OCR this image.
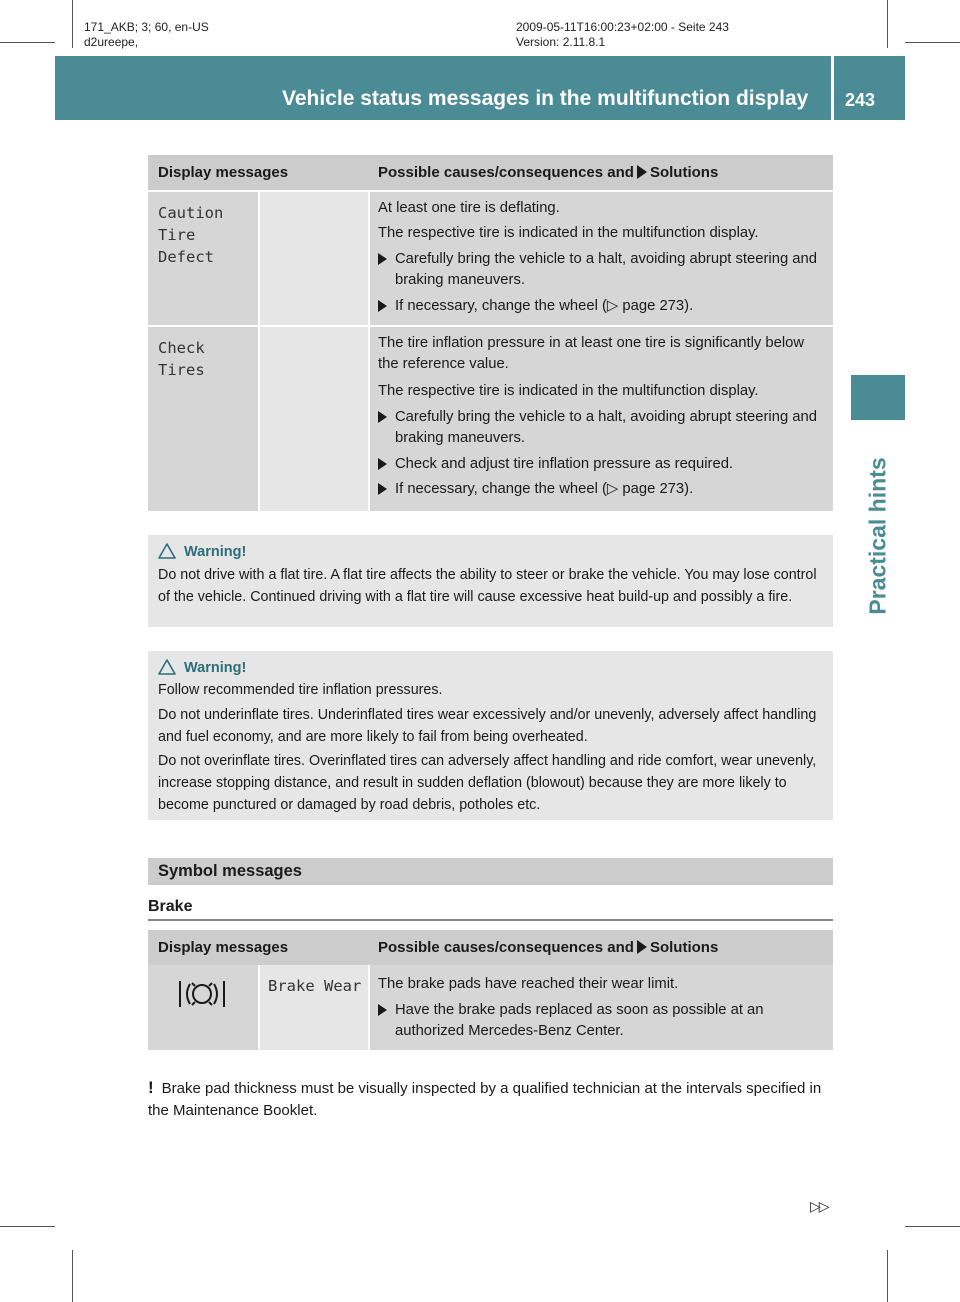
171_AKB; 3; 60, en-US
d2ureepe,
2009-05-11T16:00:23+02:00 - Seite 243
Version: 2.11.8.1
Vehicle status messages in the multifunction display 243
Practical hints
Display messages	Possible causes/consequences and Solutions
Caution
Tire
Defect
At least one tire is deflating.
The respective tire is indicated in the multifunction display.
Carefully bring the vehicle to a halt, avoiding abrupt steering and braking maneuvers.
If necessary, change the wheel (▷ page 273).
Check
Tires
The tire inflation pressure in at least one tire is significantly below the reference value.
The respective tire is indicated in the multifunction display.
Carefully bring the vehicle to a halt, avoiding abrupt steering and braking maneuvers.
Check and adjust tire inflation pressure as required.
If necessary, change the wheel (▷ page 273).
Warning!
Do not drive with a flat tire. A flat tire affects the ability to steer or brake the vehicle. You may lose control of the vehicle. Continued driving with a flat tire will cause excessive heat build-up and possibly a fire.
Warning!
Follow recommended tire inflation pressures.
Do not underinflate tires. Underinflated tires wear excessively and/or unevenly, adversely affect handling and fuel economy, and are more likely to fail from being overheated.
Do not overinflate tires. Overinflated tires can adversely affect handling and ride comfort, wear unevenly, increase stopping distance, and result in sudden deflation (blowout) because they are more likely to become punctured or damaged by road debris, potholes etc.
Symbol messages
Brake
Display messages	Possible causes/consequences and Solutions
Brake Wear The brake pads have reached their wear limit.
Have the brake pads replaced as soon as possible at an authorized Mercedes-Benz Center.
! Brake pad thickness must be visually inspected by a qualified technician at the intervals specified in the Maintenance Booklet.
▷▷
